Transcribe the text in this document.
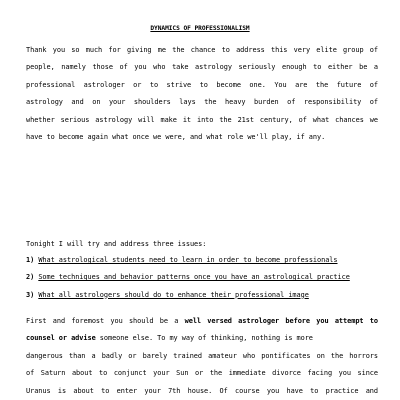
DYNAMICS OF PROFESSIONALISM
Thank you so much for giving me the chance to address this very elite group of
people, namely those of you who take astrology seriously enough to either be a
professional astrologer or to strive to become one. You are the future of
astrology and on your shoulders lays the heavy burden of responsibility of
whether serious astrology will make it into the 21st century, of what chances we
have to become again what once we were, and what role we'll play, if any.
Tonight I will try and address three issues:
1) What astrological students need to learn in order to become professionals
2) Some techniques and behavior patterns once you have an astrological practice
3) What all astrologers should do to enhance their professional image
First and foremost you should be a well versed astrologer before you attempt to
counsel or advise someone else. To my way of thinking, nothing is more
dangerous than a badly or barely trained amateur who pontificates on the horrors
of Saturn about to conjunct your Sun or the immediate divorce facing you since
Uranus is about to enter your 7th house. Of course you have to practice and
